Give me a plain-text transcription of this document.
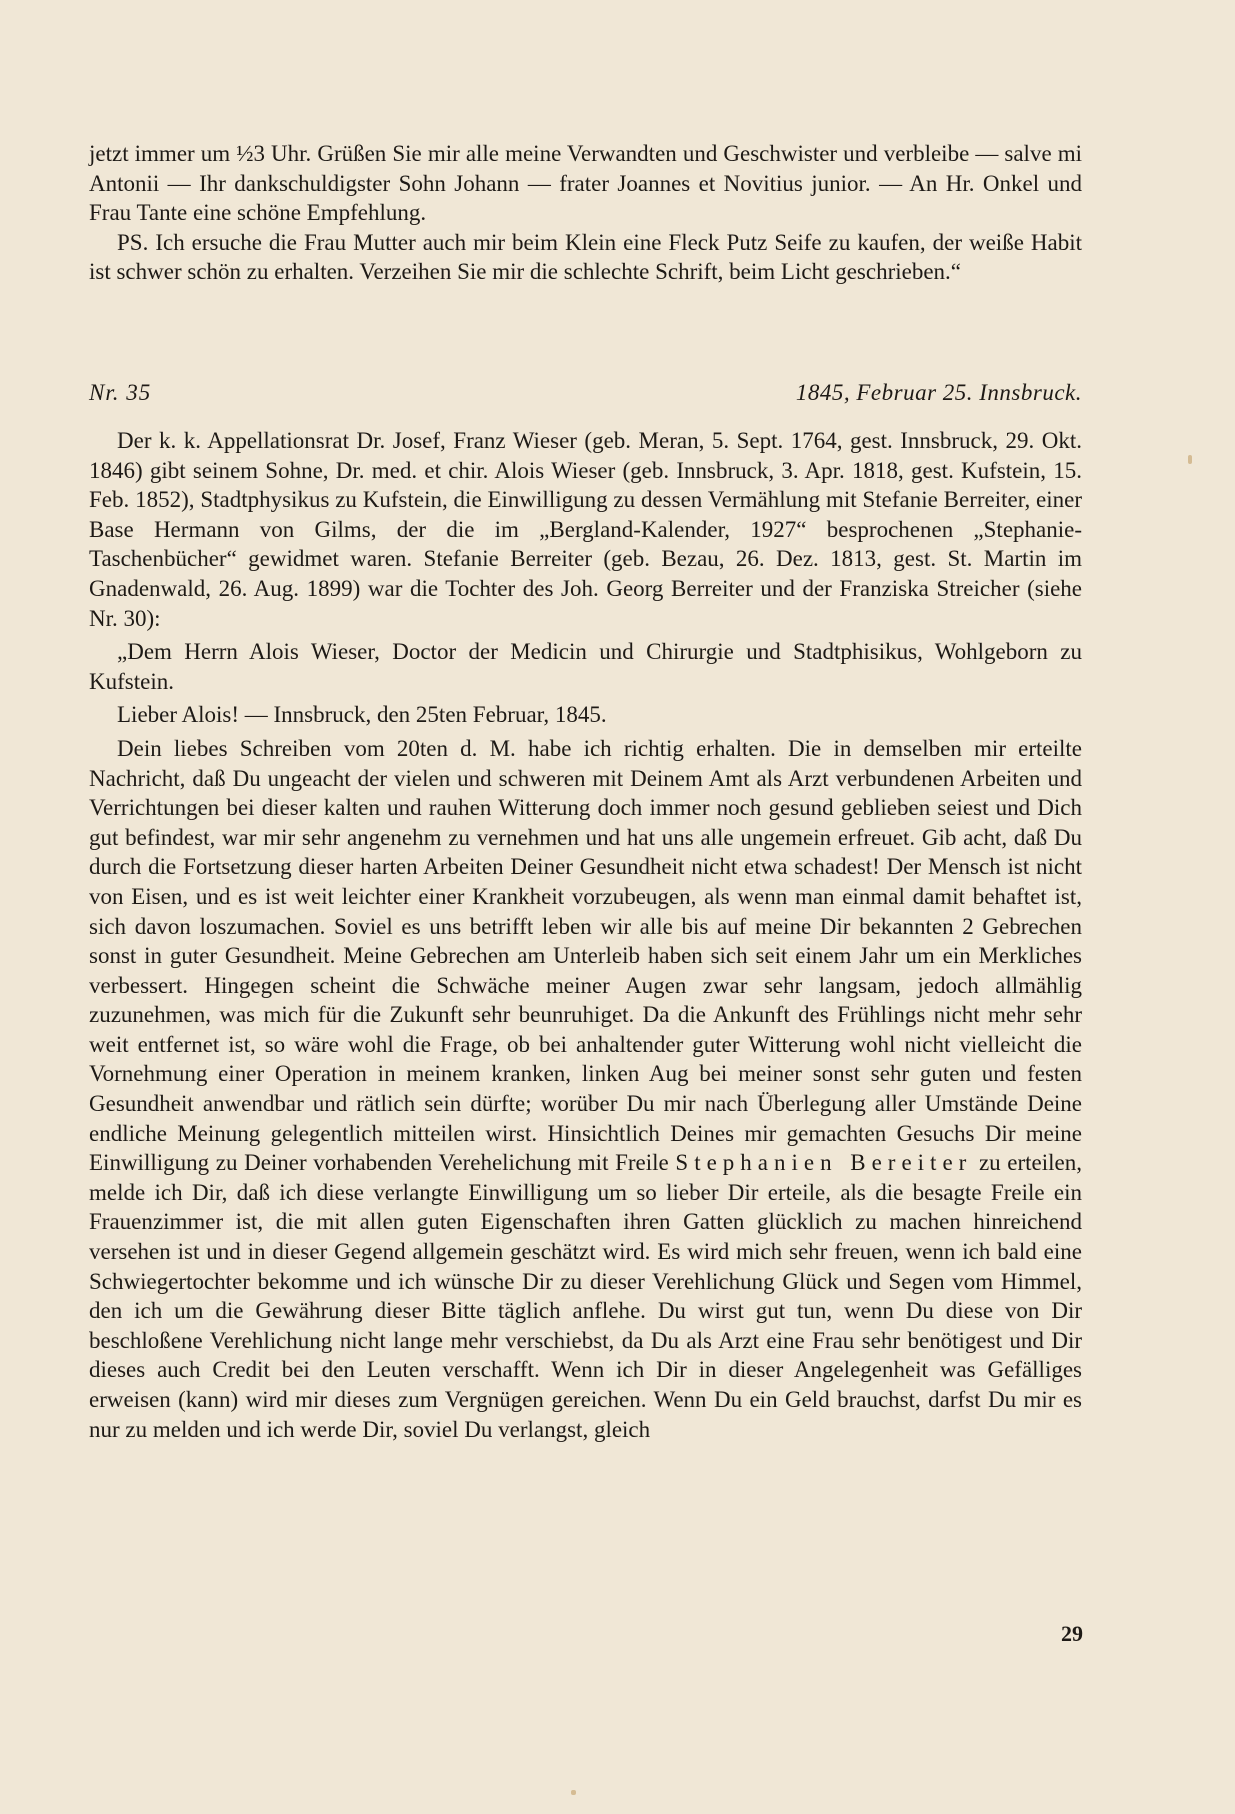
jetzt immer um ½3 Uhr. Grüßen Sie mir alle meine Verwandten und Geschwister und verbleibe — salve mi Antonii — Ihr dankschuldigster Sohn Johann — frater Joannes et Novitius junior. — An Hr. Onkel und Frau Tante eine schöne Empfehlung.

PS. Ich ersuche die Frau Mutter auch mir beim Klein eine Fleck Putz Seife zu kaufen, der weiße Habit ist schwer schön zu erhalten. Verzeihen Sie mir die schlechte Schrift, beim Licht geschrieben.“

Nr. 35	1845, Februar 25. Innsbruck.

Der k. k. Appellationsrat Dr. Josef, Franz Wieser (geb. Meran, 5. Sept. 1764, gest. Innsbruck, 29. Okt. 1846) gibt seinem Sohne, Dr. med. et chir. Alois Wieser (geb. Innsbruck, 3. Apr. 1818, gest. Kufstein, 15. Feb. 1852), Stadtphysikus zu Kufstein, die Einwilligung zu dessen Vermählung mit Stefanie Berreiter, einer Base Hermann von Gilms, der die im „Bergland-Kalender, 1927“ besprochenen „Stephanie-Taschenbücher“ gewidmet waren. Stefanie Berreiter (geb. Bezau, 26. Dez. 1813, gest. St. Martin im Gnadenwald, 26. Aug. 1899) war die Tochter des Joh. Georg Berreiter und der Franziska Streicher (siehe Nr. 30):

„Dem Herrn Alois Wieser, Doctor der Medicin und Chirurgie und Stadtphisikus, Wohlgeborn zu Kufstein.

Lieber Alois! — Innsbruck, den 25ten Februar, 1845.

Dein liebes Schreiben vom 20ten d. M. habe ich richtig erhalten. Die in demselben mir erteilte Nachricht, daß Du ungeacht der vielen und schweren mit Deinem Amt als Arzt verbundenen Arbeiten und Verrichtungen bei dieser kalten und rauhen Witterung doch immer noch gesund geblieben seiest und Dich gut befindest, war mir sehr angenehm zu vernehmen und hat uns alle ungemein erfreuet. Gib acht, daß Du durch die Fortsetzung dieser harten Arbeiten Deiner Gesundheit nicht etwa schadest! Der Mensch ist nicht von Eisen, und es ist weit leichter einer Krankheit vorzubeugen, als wenn man einmal damit behaftet ist, sich davon loszumachen. Soviel es uns betrifft leben wir alle bis auf meine Dir bekannten 2 Gebrechen sonst in guter Gesundheit. Meine Gebrechen am Unterleib haben sich seit einem Jahr um ein Merkliches verbessert. Hingegen scheint die Schwäche meiner Augen zwar sehr langsam, jedoch allmählig zuzunehmen, was mich für die Zukunft sehr beunruhiget. Da die Ankunft des Frühlings nicht mehr sehr weit entfernet ist, so wäre wohl die Frage, ob bei anhaltender guter Witterung wohl nicht vielleicht die Vornehmung einer Operation in meinem kranken, linken Aug bei meiner sonst sehr guten und festen Gesundheit anwendbar und rätlich sein dürfte; worüber Du mir nach Überlegung aller Umstände Deine endliche Meinung gelegentlich mitteilen wirst. Hinsichtlich Deines mir gemachten Gesuchs Dir meine Einwilligung zu Deiner vorhabenden Verehelichung mit Freile Stephanien Bereiter zu erteilen, melde ich Dir, daß ich diese verlangte Einwilligung um so lieber Dir erteile, als die besagte Freile ein Frauenzimmer ist, die mit allen guten Eigenschaften ihren Gatten glücklich zu machen hinreichend versehen ist und in dieser Gegend allgemein geschätzt wird. Es wird mich sehr freuen, wenn ich bald eine Schwiegertochter bekomme und ich wünsche Dir zu dieser Verehlichung Glück und Segen vom Himmel, den ich um die Gewährung dieser Bitte täglich anflehe. Du wirst gut tun, wenn Du diese von Dir beschloßene Verehlichung nicht lange mehr verschiebst, da Du als Arzt eine Frau sehr benötigest und Dir dieses auch Credit bei den Leuten verschafft. Wenn ich Dir in dieser Angelegenheit was Gefälliges erweisen (kann) wird mir dieses zum Vergnügen gereichen. Wenn Du ein Geld brauchst, darfst Du mir es nur zu melden und ich werde Dir, soviel Du verlangst, gleich

29
